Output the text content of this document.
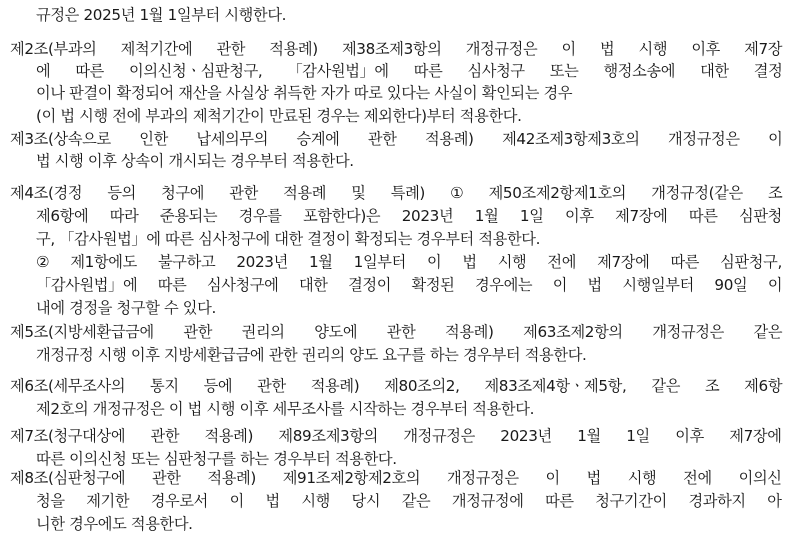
규정은 2025년 1월 1일부터 시행한다.
제2조(부과의 제척기간에 관한 적용례) 제38조제3항의 개정규정은 이 법 시행 이후 제7장
에 따른 이의신청ㆍ심판청구, 「감사원법」에 따른 심사청구 또는 행정소송에 대한 결정
이나 판결이 확정되어 재산을 사실상 취득한 자가 따로 있다는 사실이 확인되는 경우
(이 법 시행 전에 부과의 제척기간이 만료된 경우는 제외한다)부터 적용한다.
제3조(상속으로 인한 납세의무의 승계에 관한 적용례) 제42조제3항제3호의 개정규정은 이
법 시행 이후 상속이 개시되는 경우부터 적용한다.
제4조(경정 등의 청구에 관한 적용례 및 특례) ① 제50조제2항제1호의 개정규정(같은 조
제6항에 따라 준용되는 경우를 포함한다)은 2023년 1월 1일 이후 제7장에 따른 심판청
구, 「감사원법」에 따른 심사청구에 대한 결정이 확정되는 경우부터 적용한다.
② 제1항에도 불구하고 2023년 1월 1일부터 이 법 시행 전에 제7장에 따른 심판청구,
「감사원법」에 따른 심사청구에 대한 결정이 확정된 경우에는 이 법 시행일부터 90일 이
내에 경정을 청구할 수 있다.
제5조(지방세환급금에 관한 권리의 양도에 관한 적용례) 제63조제2항의 개정규정은 같은
개정규정 시행 이후 지방세환급금에 관한 권리의 양도 요구를 하는 경우부터 적용한다.
제6조(세무조사의 통지 등에 관한 적용례) 제80조의2, 제83조제4항ㆍ제5항, 같은 조 제6항
제2호의 개정규정은 이 법 시행 이후 세무조사를 시작하는 경우부터 적용한다.
제7조(청구대상에 관한 적용례) 제89조제3항의 개정규정은 2023년 1월 1일 이후 제7장에
따른 이의신청 또는 심판청구를 하는 경우부터 적용한다.
제8조(심판청구에 관한 적용례) 제91조제2항제2호의 개정규정은 이 법 시행 전에 이의신
청을 제기한 경우로서 이 법 시행 당시 같은 개정규정에 따른 청구기간이 경과하지 아
니한 경우에도 적용한다.
